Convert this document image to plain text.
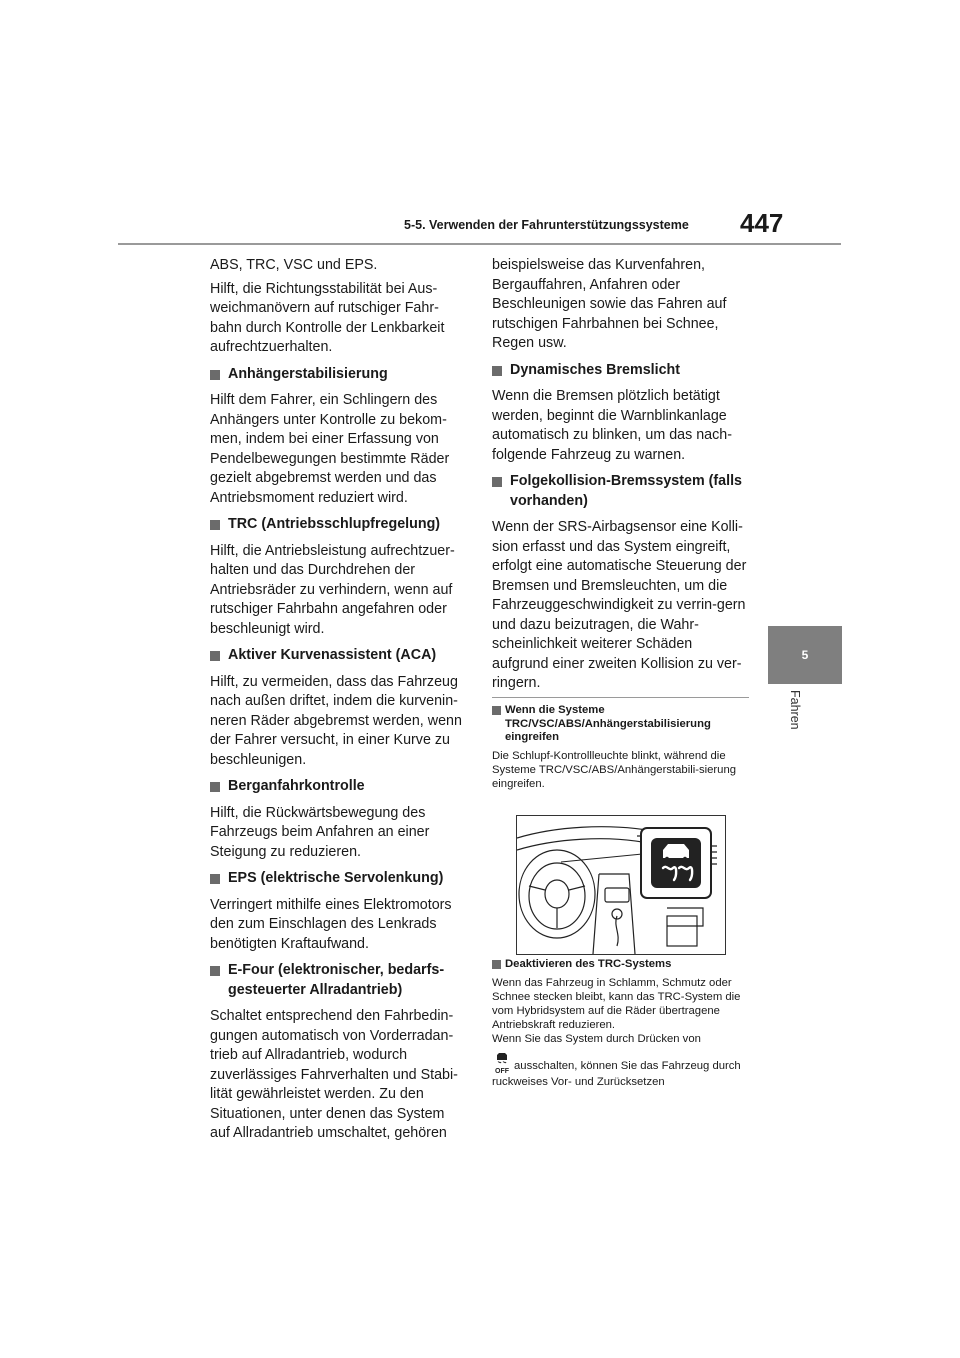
5-5. Verwenden der Fahrunterstützungssysteme 447
5
Fahren

ABS, TRC, VSC und EPS.

Hilft, die Richtungsstabilität bei Aus-weichmanövern auf rutschiger Fahr-bahn durch Kontrolle der Lenkbarkeit aufrechtzuerhalten.

Anhängerstabilisierung

Hilft dem Fahrer, ein Schlingern des Anhängers unter Kontrolle zu bekom-men, indem bei einer Erfassung von Pendelbewegungen bestimmte Räder gezielt abgebremst werden und das Antriebsmoment reduziert wird.

TRC (Antriebsschlupfregelung)

Hilft, die Antriebsleistung aufrechtzuer-halten und das Durchdrehen der Antriebsräder zu verhindern, wenn auf rutschiger Fahrbahn angefahren oder beschleunigt wird.

Aktiver Kurvenassistent (ACA)

Hilft, zu vermeiden, dass das Fahrzeug nach außen driftet, indem die kurvenin-neren Räder abgebremst werden, wenn der Fahrer versucht, in einer Kurve zu beschleunigen.

Berganfahrkontrolle

Hilft, die Rückwärtsbewegung des Fahrzeugs beim Anfahren an einer Steigung zu reduzieren.

EPS (elektrische Servolenkung)

Verringert mithilfe eines Elektromotors den zum Einschlagen des Lenkrads benötigten Kraftaufwand.

E-Four (elektronischer, bedarfs-gesteuerter Allradantrieb)

Schaltet entsprechend den Fahrbedin-gungen automatisch von Vorderradan-trieb auf Allradantrieb, wodurch zuverlässiges Fahrverhalten und Stabi-lität gewährleistet werden. Zu den Situationen, unter denen das System auf Allradantrieb umschaltet, gehören

beispielsweise das Kurvenfahren, Bergauffahren, Anfahren oder Beschleunigen sowie das Fahren auf rutschigen Fahrbahnen bei Schnee, Regen usw.

Dynamisches Bremslicht

Wenn die Bremsen plötzlich betätigt werden, beginnt die Warnblinkanlage automatisch zu blinken, um das nach-folgende Fahrzeug zu warnen.

Folgekollision-Bremssystem (falls vorhanden)

Wenn der SRS-Airbagsensor eine Kolli-sion erfasst und das System eingreift, erfolgt eine automatische Steuerung der Bremsen und Bremsleuchten, um die Fahrzeuggeschwindigkeit zu verrin-gern und dazu beizutragen, die Wahr-scheinlichkeit weiterer Schäden aufgrund einer zweiten Kollision zu ver-ringern.

Wenn die Systeme TRC/VSC/ABS/Anhängerstabilisierung eingreifen

Die Schlupf-Kontrollleuchte blinkt, während die Systeme TRC/VSC/ABS/Anhängerstabili-sierung eingreifen.

Deaktivieren des TRC-Systems

Wenn das Fahrzeug in Schlamm, Schmutz oder Schnee stecken bleibt, kann das TRC-System die vom Hybridsystem auf die Räder übertragene Antriebskraft reduzieren.

Wenn Sie das System durch Drücken von

OFF ausschalten, können Sie das Fahrzeug durch ruckweises Vor- und Zurücksetzen
